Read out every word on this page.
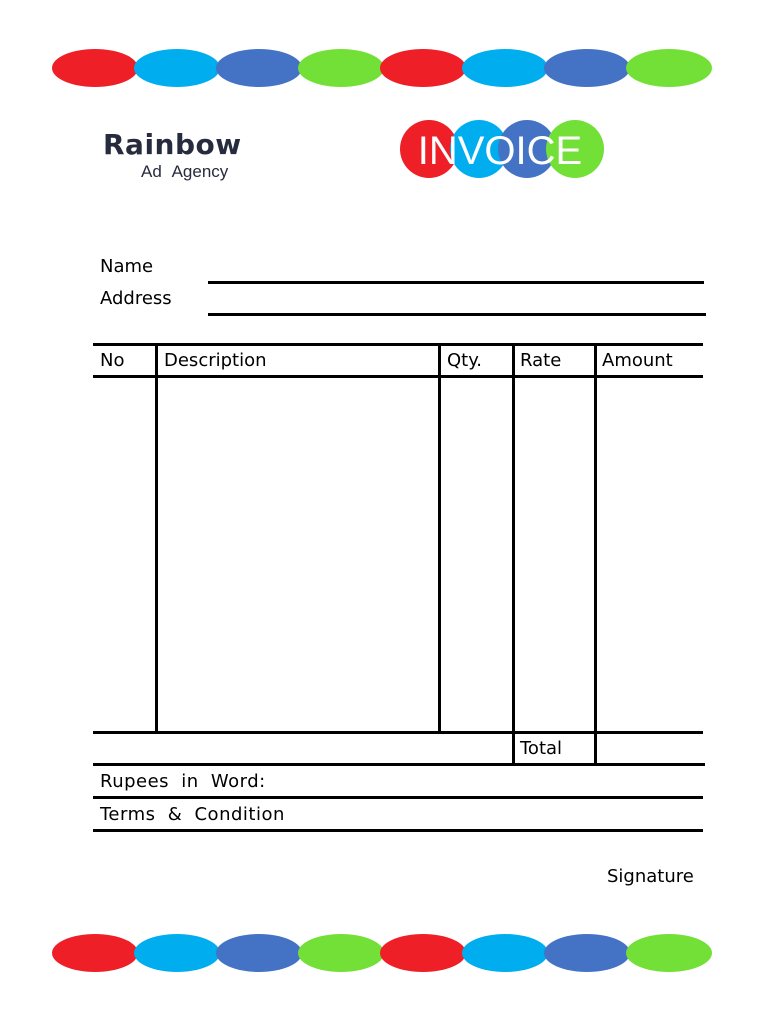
Rainbow
Ad Agency	INVOICE
Name
Address
No Description	Qty. Rate Amount
Total
Rupees in Word:
Terms & Condition
Signature
